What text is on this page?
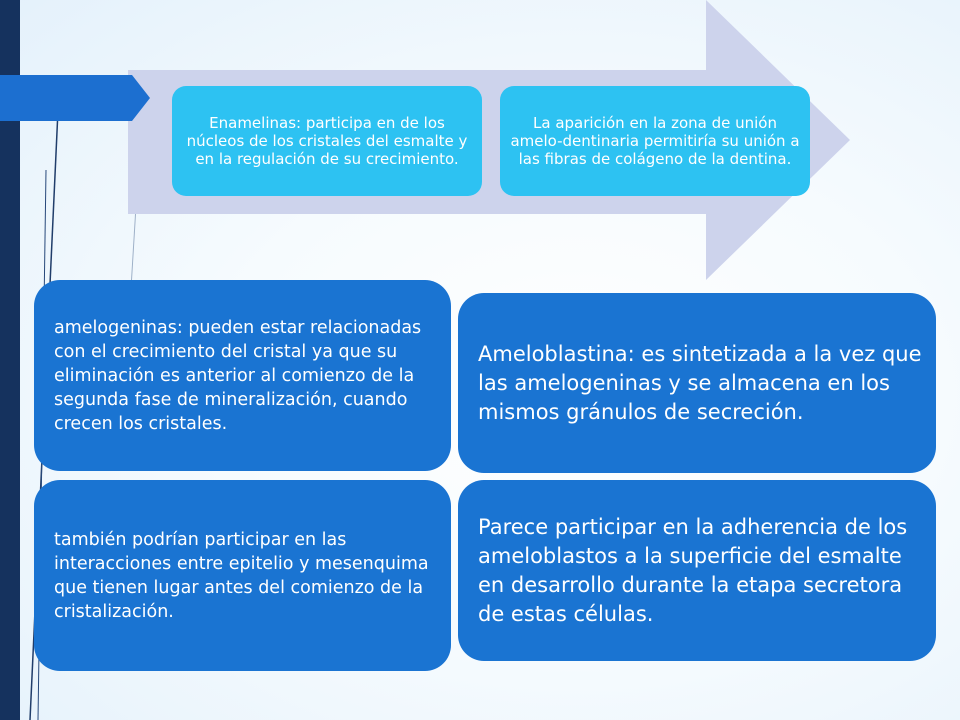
Enamelinas: participa en de los núcleos de los cristales del esmalte y en la regulación de su crecimiento.
La aparición en la zona de unión amelo-dentinaria permitiría su unión a las fibras de colágeno de la dentina.
amelogeninas: pueden estar relacionadas con el crecimiento del cristal ya que su eliminación es anterior al comienzo de la segunda fase de mineralización, cuando crecen los cristales.
Ameloblastina: es sintetizada a la vez que las amelogeninas y se almacena en los mismos gránulos de secreción.
también podrían participar en las interacciones entre epitelio y mesenquima que tienen lugar antes del comienzo de la cristalización.
Parece participar en la adherencia de los ameloblastos a la superficie del esmalte en desarrollo durante la etapa secretora de estas células.
